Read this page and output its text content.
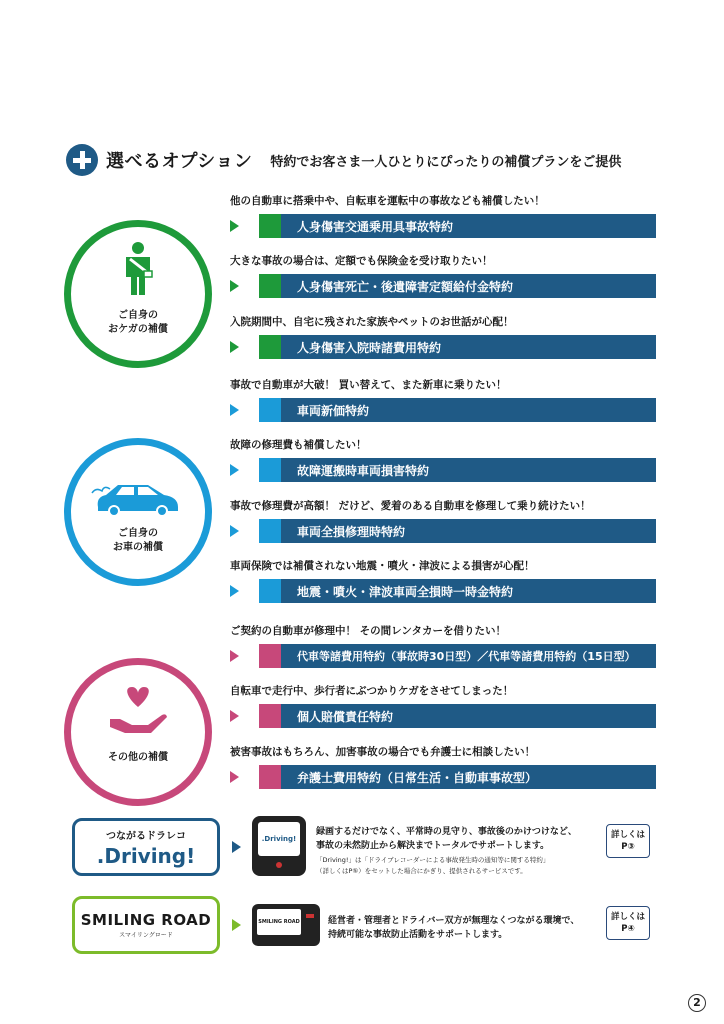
選べるオプション 特約でお客さま一人ひとりにぴったりの補償プランをご提供
ご自身の
おケガの補償
ご自身の
お車の補償
その他の補償
他の自動車に搭乗中や、自転車を運転中の事故なども補償したい！
人身傷害交通乗用具事故特約
大きな事故の場合は、定額でも保険金を受け取りたい！
人身傷害死亡・後遺障害定額給付金特約
入院期間中、自宅に残された家族やペットのお世話が心配！
人身傷害入院時諸費用特約
事故で自動車が大破！ 買い替えて、また新車に乗りたい！
車両新価特約
故障の修理費も補償したい！
故障運搬時車両損害特約
事故で修理費が高額！ だけど、愛着のある自動車を修理して乗り続けたい！
車両全損修理時特約
車両保険では補償されない地震・噴火・津波による損害が心配！
地震・噴火・津波車両全損時一時金特約
ご契約の自動車が修理中！ その間レンタカーを借りたい！
代車等諸費用特約（事故時30日型）／代車等諸費用特約（15日型）
自転車で走行中、歩行者にぶつかりケガをさせてしまった！
個人賠償責任特約
被害事故はもちろん、加害事故の場合でも弁護士に相談したい！
弁護士費用特約（日常生活・自動車事故型）
つながるドラレコ
.Driving!
.Driving!
録画するだけでなく、平常時の見守り、事故後のかけつけなど、
事故の未然防止から解決までトータルでサポートします。
「Driving!」は「ドライブレコーダーによる事故発生時の通知等に関する特約」
（詳しくはP⑤）をセットした場合にかぎり、提供されるサービスです。
詳しくは
P③
SMILING ROAD
スマイリングロード
SMILING ROAD	経営者・管理者とドライバー双方が無理なくつながる環境で、
持続可能な事故防止活動をサポートします。
詳しくは
P④
2
